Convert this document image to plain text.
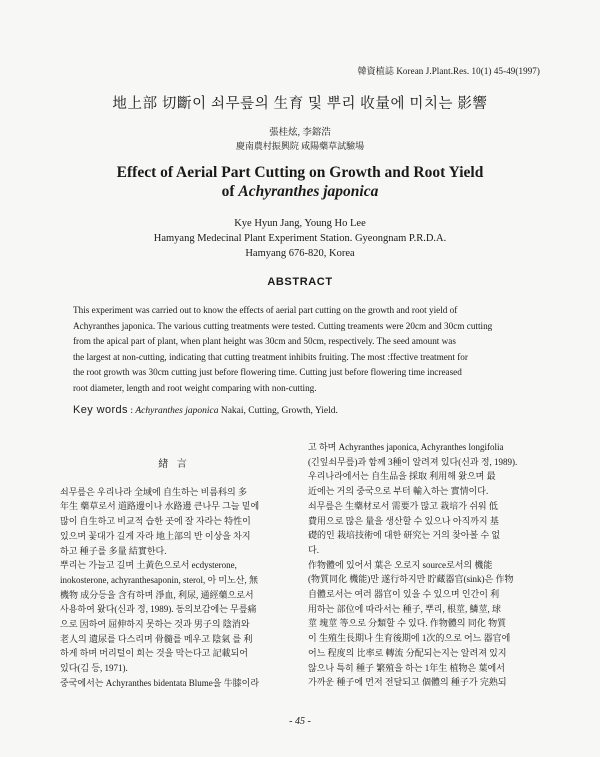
韓資植誌 Korean J.Plant.Res. 10(1) 45-49(1997)
地上部 切斷이 쇠무릎의 生育 및 뿌리 收量에 미치는 影響
張桂炫, 李鎔浩
慶南農村振興院 咸陽藥草試驗場
Effect of Aerial Part Cutting on Growth and Root Yield
of Achyranthes japonica
Kye Hyun Jang, Young Ho Lee
Hamyang Medecinal Plant Experiment Station. Gyeongnam P.R.D.A.
Hamyang 676-820, Korea
ABSTRACT
This experiment was carried out to know the effects of aerial part cutting on the growth and root yield of
Achyranthes japonica. The various cutting treatments were tested. Cutting treaments were 20cm and 30cm cutting
from the apical part of plant, when plant height was 30cm and 50cm, respectively. The seed amount was
the largest at non-cutting, indicating that cutting treatment inhibits fruiting. The most :ffective treatment for
the root growth was 30cm cutting just before flowering time. Cutting just before flowering time increased
root diameter, length and root weight comparing with non-cutting.
Key words : Achyranthes japonica Nakai, Cutting, Growth, Yield.
緖 言
쇠무릎은 우리나라 全域에 自生하는 비름科의 多
年生 藥草로서 道路邊이나 水路邊 큰나무 그늘 밑에
많이 自生하고 비교적 습한 곳에 잘 자라는 特性이
있으며 꽃대가 길게 자라 地上部의 반 이상을 차지
하고 種子를 多量 結實한다.
뿌리는 가늘고 길며 土黃色으로서 ecdysterone,
inokosterone, achyranthesaponin, sterol, 아 미노산, 無
機物 成分등을 含有하며 淨血, 利尿, 通經藥으로서
사용하여 왔다(신과 정, 1989). 동의보감에는 무릎痛
으로 因하여 屈伸하지 못하는 것과 男子의 陰消와
老人의 遺尿를 다스리며 骨髓를 메우고 陰氣 를 利
하게 하며 머리털이 희는 것을 막는다고 記載되어
있다(김 등, 1971).
중국에서는 Achyranthes bidentata Blume을 牛膝이라
고 하며 Achyranthes japonica, Achyranthes longifolia
(긴잎쇠무릎)과 함께 3種이 알려져 있다(신과 정, 1989).
우리나라에서는 自生品을 採取 利用해 왔으며 最
近에는 거의 중국으로 부터 輸入하는 實情이다.
쇠무릎은 生藥材로서 需要가 많고 栽培가 쉬워 低
費用으로 많은 量을 생산할 수 있으나 아직까지 基
礎的인 栽培技術에 대한 研究는 거의 찾아볼 수 없
다.
作物體에 있어서 葉은 오로지 source로서의 機能
(物質同化 機能)만 遂行하지만 貯藏器官(sink)은 作物
自體로서는 여러 器官이 있을 수 있으며 인간이 利
用하는 部位에 따라서는 種子, 뿌리, 根莖, 鱗莖, 球
莖 塊莖 等으로 分類할 수 있다. 作物體의 同化 物質
이 生殖生長期나 生育後期에 1次的으로 어느 器官에
어느 程度의 比率로 轉流 分配되는지는 알려져 있지
않으나 특히 種子 繁殖을 하는 1年生 植物은 葉에서
가까운 種子에 먼저 전달되고 個體의 種子가 完熟되
- 45 -
